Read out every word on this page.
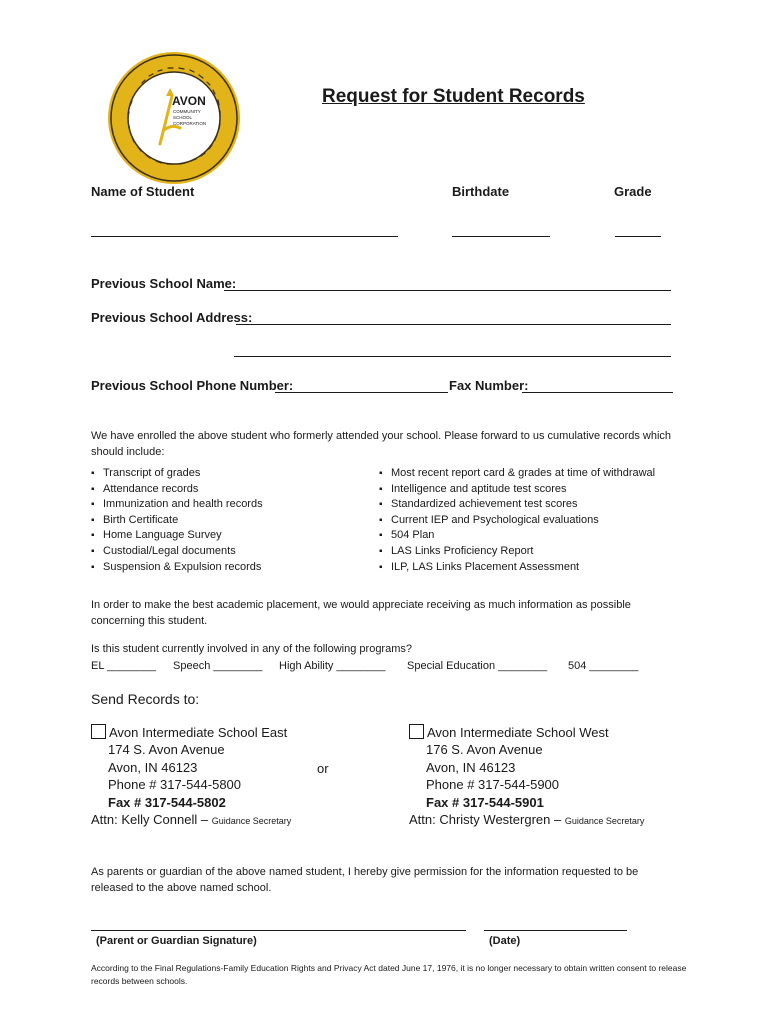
AVON
COMMUNITY
SCHOOL
CORPORATION
Request for Student Records
Name of Student	Birthdate	Grade
Previous School Name:
Previous School Address:
Previous School Phone Number:	Fax Number:
We have enrolled the above student who formerly attended your school. Please forward to us cumulative records which should include:
▪ Transcript of grades
▪ Attendance records
▪ Immunization and health records
▪ Birth Certificate
▪ Home Language Survey
▪ Custodial/Legal documents
▪ Suspension & Expulsion records
▪ Most recent report card & grades at time of withdrawal
▪ Intelligence and aptitude test scores
▪ Standardized achievement test scores
▪ Current IEP and Psychological evaluations
▪ 504 Plan
▪ LAS Links Proficiency Report
▪ ILP, LAS Links Placement Assessment
In order to make the best academic placement, we would appreciate receiving as much information as possible concerning this student.
Is this student currently involved in any of the following programs?
EL ________ Speech ________ High Ability ________ Special Education ________ 504 ________
Send Records to:
Avon Intermediate School East
174 S. Avon Avenue
Avon, IN 46123
Phone # 317-544-5800
Fax # 317-544-5802
Attn: Kelly Connell – Guidance Secretary
or
Avon Intermediate School West
176 S. Avon Avenue
Avon, IN 46123
Phone # 317-544-5900
Fax # 317-544-5901
Attn: Christy Westergren – Guidance Secretary
As parents or guardian of the above named student, I hereby give permission for the information requested to be released to the above named school.
(Parent or Guardian Signature)	(Date)
According to the Final Regulations-Family Education Rights and Privacy Act dated June 17, 1976, it is no longer necessary to obtain written consent to release records between schools.
